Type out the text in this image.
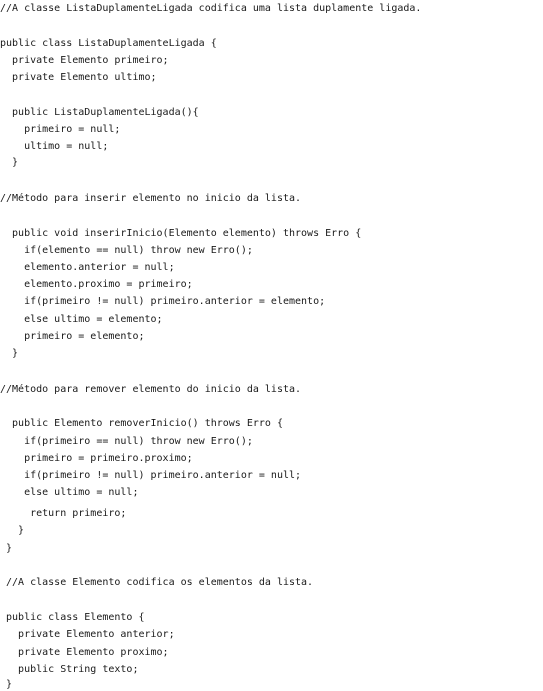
//A classe ListaDuplamenteLigada codifica uma lista duplamente ligada.
public class ListaDuplamenteLigada {
private Elemento primeiro;
private Elemento ultimo;
public ListaDuplamenteLigada(){
primeiro = null;
ultimo = null;
}
//Método para inserir elemento no inicio da lista.
public void inserirInicio(Elemento elemento) throws Erro {
if(elemento == null) throw new Erro();
elemento.anterior = null;
elemento.proximo = primeiro;
if(primeiro != null) primeiro.anterior = elemento;
else ultimo = elemento;
primeiro = elemento;
}
//Método para remover elemento do inicio da lista.
public Elemento removerInicio() throws Erro {
if(primeiro == null) throw new Erro();
primeiro = primeiro.proximo;
if(primeiro != null) primeiro.anterior = null;
else ultimo = null;
return primeiro;
}
}
//A classe Elemento codifica os elementos da lista.
public class Elemento {
private Elemento anterior;
private Elemento proximo;
public String texto;
}
